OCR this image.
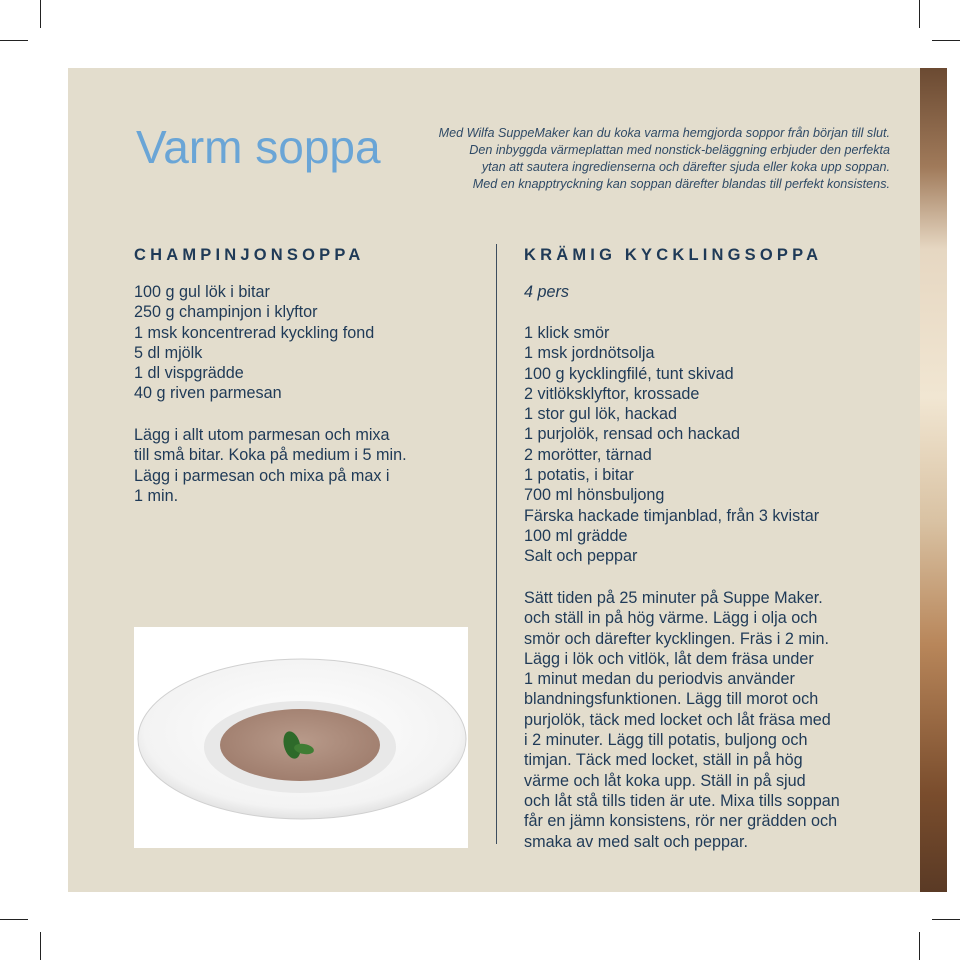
Varm soppa	Med Wilfa SuppeMaker kan du koka varma hemgjorda soppor från början till slut.
Den inbyggda värmeplattan med nonstick-beläggning erbjuder den perfekta
ytan att sautera ingredienserna och därefter sjuda eller koka upp soppan.
Med en knapptryckning kan soppan därefter blandas till perfekt konsistens.
CHAMPINJONSOPPA
100 g gul lök i bitar
250 g champinjon i klyftor
1 msk koncentrerad kyckling fond
5 dl mjölk
1 dl vispgrädde
40 g riven parmesan
Lägg i allt utom parmesan och mixa
till små bitar. Koka på medium i 5 min.
Lägg i parmesan och mixa på max i
1 min.
KRÄMIG KYCKLINGSOPPA
4 pers
1 klick smör
1 msk jordnötsolja
100 g kycklingfilé, tunt skivad
2 vitlöksklyftor, krossade
1 stor gul lök, hackad
1 purjolök, rensad och hackad
2 morötter, tärnad
1 potatis, i bitar
700 ml hönsbuljong
Färska hackade timjanblad, från 3 kvistar
100 ml grädde
Salt och peppar
Sätt tiden på 25 minuter på Suppe Maker.
och ställ in på hög värme. Lägg i olja och
smör och därefter kycklingen. Fräs i 2 min.
Lägg i lök och vitlök, låt dem fräsa under
1 minut medan du periodvis använder
blandningsfunktionen. Lägg till morot och
purjolök, täck med locket och låt fräsa med
i 2 minuter. Lägg till potatis, buljong och
timjan. Täck med locket, ställ in på hög
värme och låt koka upp. Ställ in på sjud
och låt stå tills tiden är ute. Mixa tills soppan
får en jämn konsistens, rör ner grädden och
smaka av med salt och peppar.
